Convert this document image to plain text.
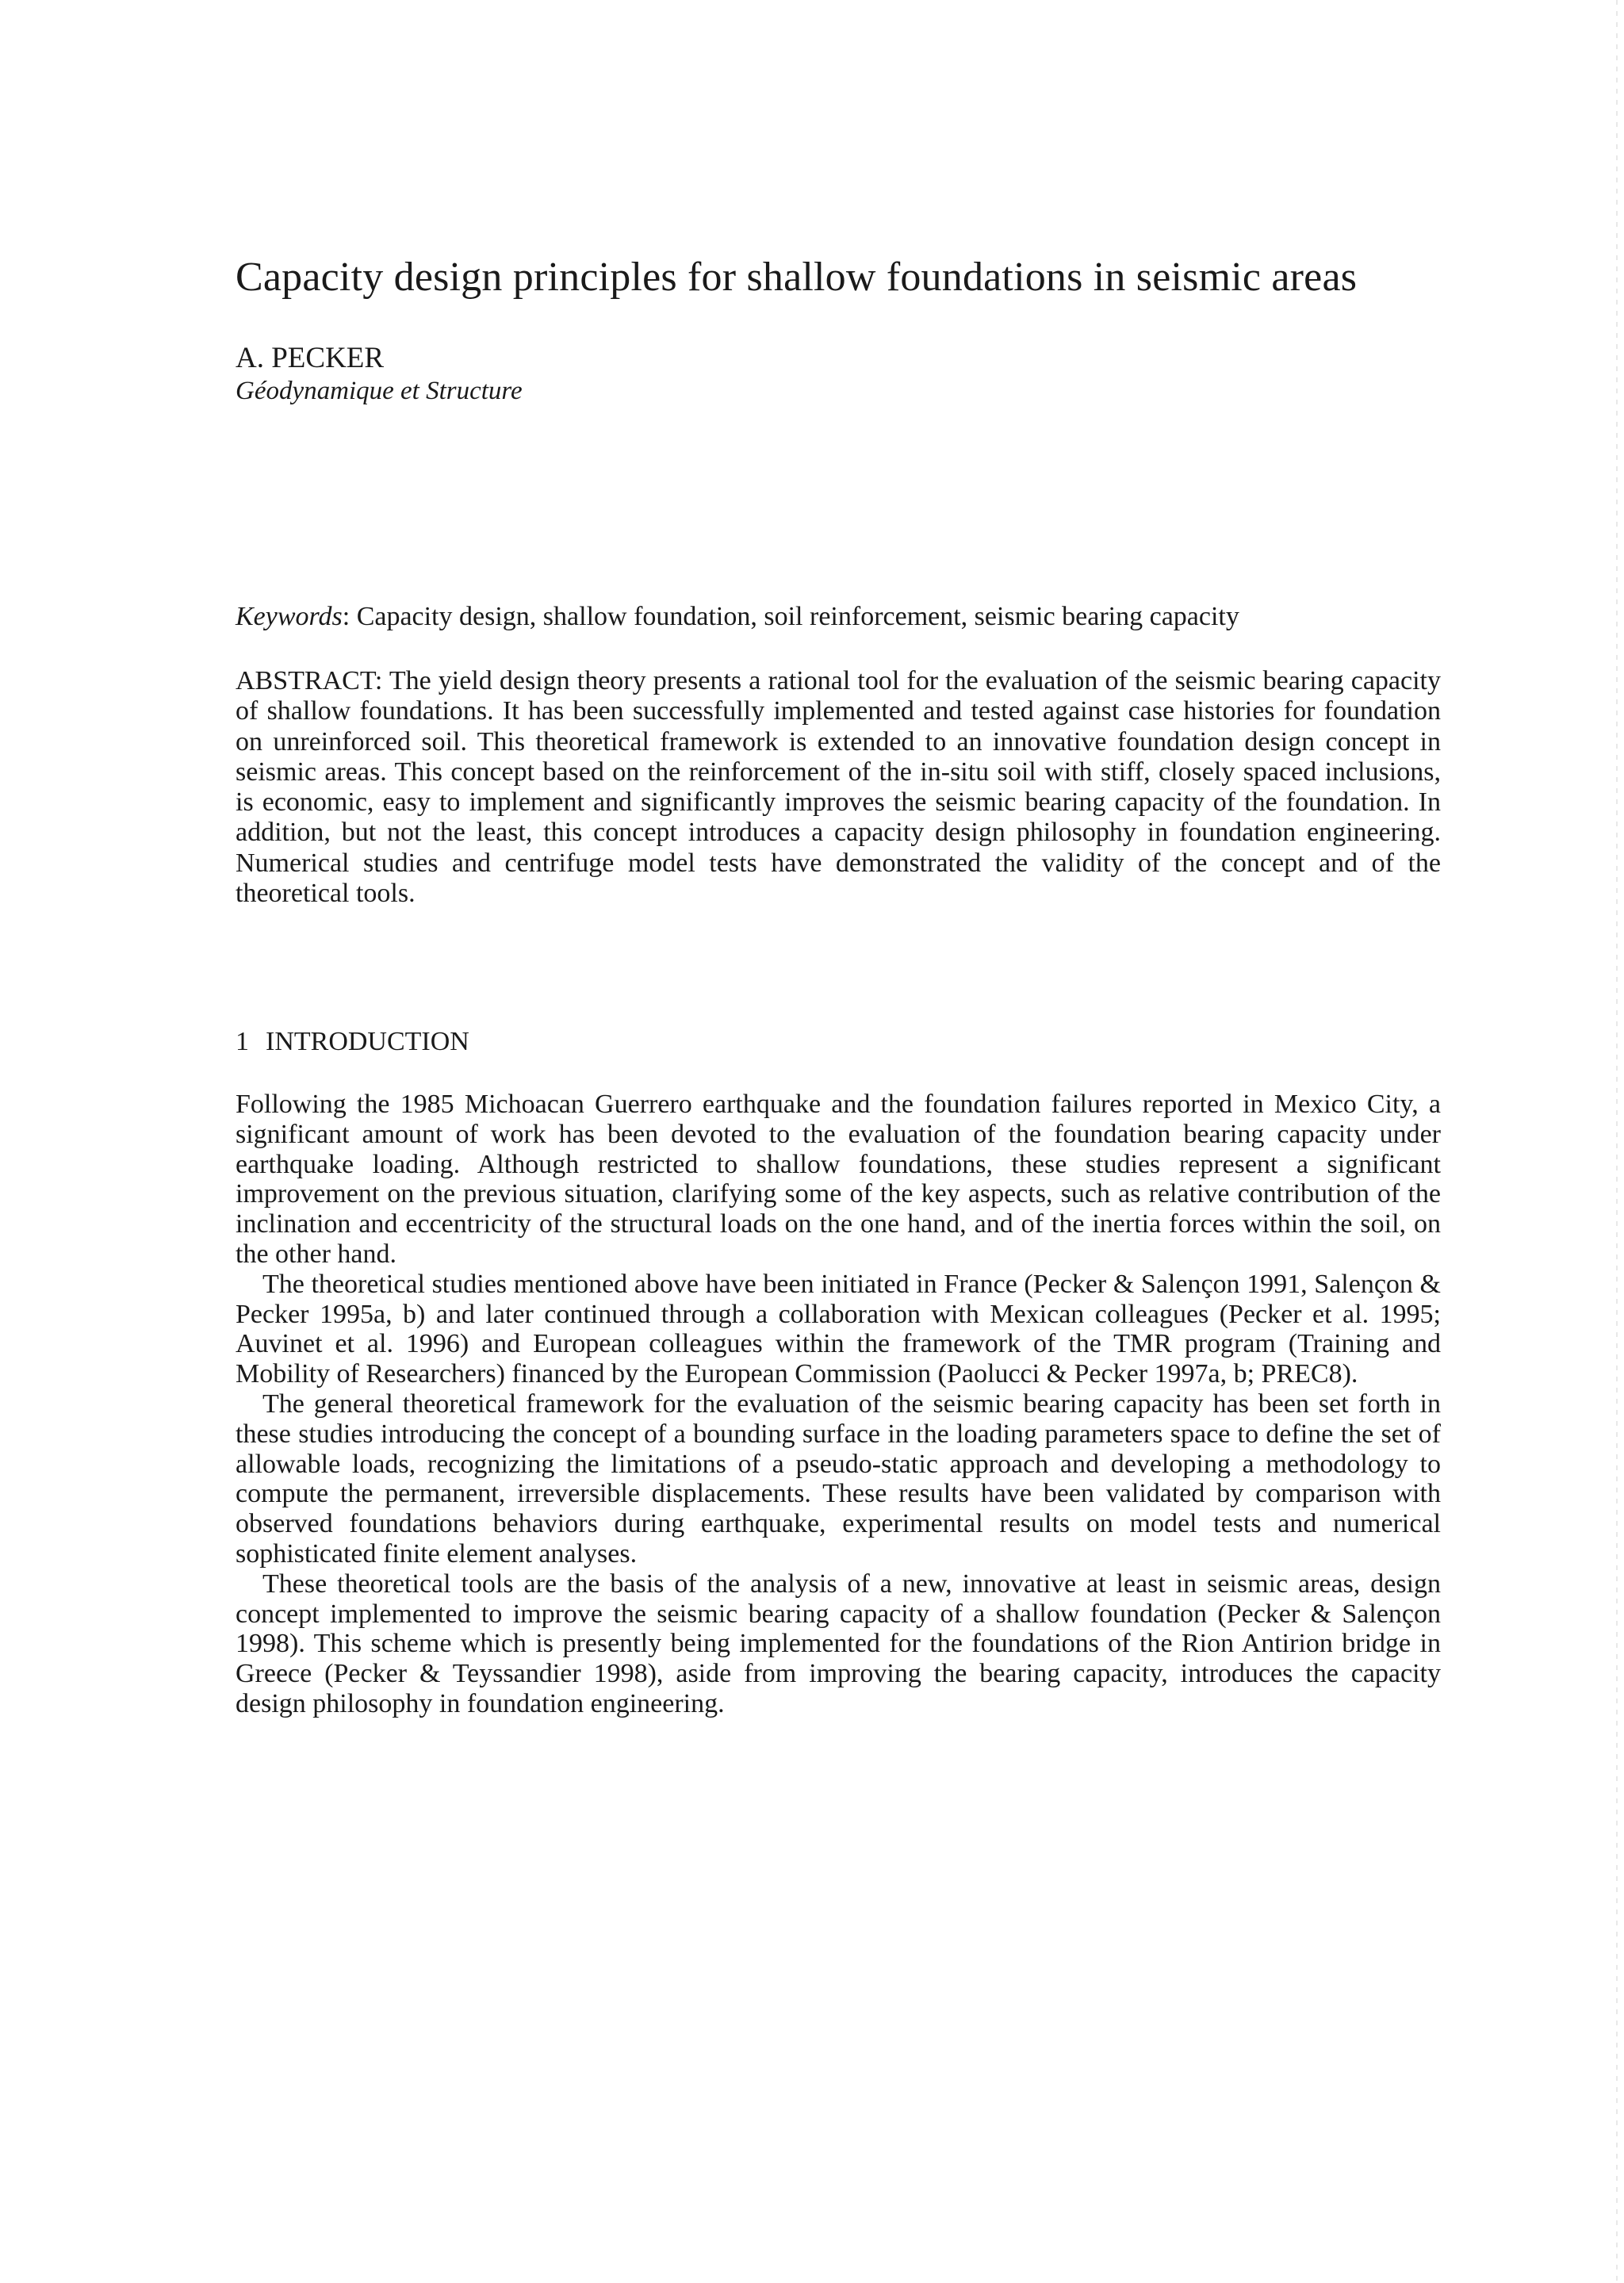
Capacity design principles for shallow foundations in seismic areas
A. PECKER
Géodynamique et Structure
Keywords: Capacity design, shallow foundation, soil reinforcement, seismic bearing capacity

ABSTRACT: The yield design theory presents a rational tool for the evaluation of the seismic bearing capacity of shallow foundations. It has been successfully implemented and tested against case histories for foundation on unreinforced soil. This theoretical framework is extended to an innovative foundation design concept in seismic areas. This concept based on the reinforcement of the in-situ soil with stiff, closely spaced inclusions, is economic, easy to implement and significantly improves the seismic bearing capacity of the foundation. In addition, but not the least, this concept introduces a capacity design philosophy in foundation engineering. Numerical studies and centrifuge model tests have demonstrated the validity of the concept and of the theoretical tools.

1 INTRODUCTION

Following the 1985 Michoacan Guerrero earthquake and the foundation failures reported in Mexico City, a significant amount of work has been devoted to the evaluation of the foundation bearing capacity under earthquake loading. Although restricted to shallow foundations, these studies represent a significant improvement on the previous situation, clarifying some of the key aspects, such as relative contribution of the inclination and eccentricity of the structural loads on the one hand, and of the inertia forces within the soil, on the other hand.

The theoretical studies mentioned above have been initiated in France (Pecker & Salençon 1991, Salençon & Pecker 1995a, b) and later continued through a collaboration with Mexican colleagues (Pecker et al. 1995; Auvinet et al. 1996) and European colleagues within the framework of the TMR program (Training and Mobility of Researchers) financed by the European Commission (Paolucci & Pecker 1997a, b; PREC8).

The general theoretical framework for the evaluation of the seismic bearing capacity has been set forth in these studies introducing the concept of a bounding surface in the loading parameters space to define the set of allowable loads, recognizing the limitations of a pseudo-static approach and developing a methodology to compute the permanent, irreversible displacements. These results have been validated by comparison with observed foundations behaviors during earthquake, experimental results on model tests and numerical sophisticated finite element analyses.

These theoretical tools are the basis of the analysis of a new, innovative at least in seismic areas, design concept implemented to improve the seismic bearing capacity of a shallow foundation (Pecker & Salençon 1998). This scheme which is presently being implemented for the foundations of the Rion Antirion bridge in Greece (Pecker & Teyssandier 1998), aside from improving the bearing capacity, introduces the capacity design philosophy in foundation engineering.
